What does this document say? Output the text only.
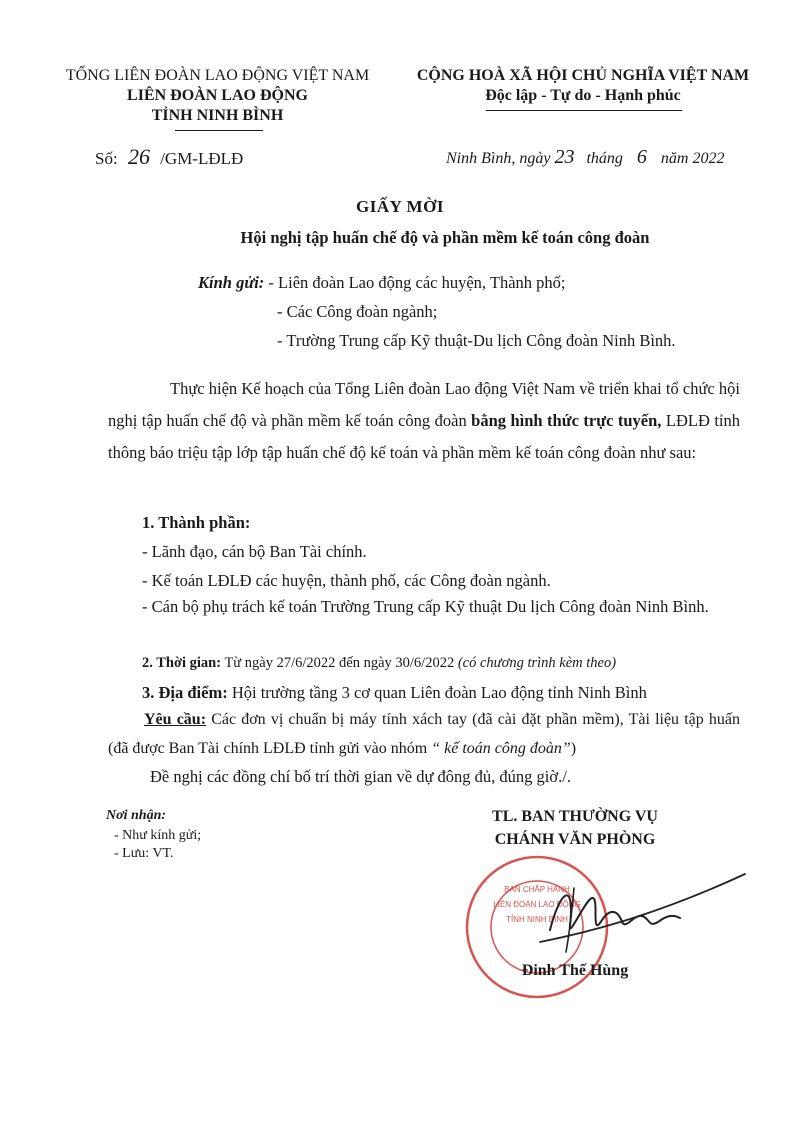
TỔNG LIÊN ĐOÀN LAO ĐỘNG VIỆT NAM
LIÊN ĐOÀN LAO ĐỘNG
TỈNH NINH BÌNH
CỘNG HOÀ XÃ HỘI CHỦ NGHĨA VIỆT NAM
Độc lập - Tự do - Hạnh phúc
Số: 26 /GM-LĐLĐ	Ninh Bình, ngày 23 tháng 6 năm 2022
GIẤY MỜI
Hội nghị tập huấn chế độ và phần mềm kế toán công đoàn
Kính gửi: - Liên đoàn Lao động các huyện, Thành phố;
- Các Công đoàn ngành;
- Trường Trung cấp Kỹ thuật-Du lịch Công đoàn Ninh Bình.
Thực hiện Kế hoạch của Tổng Liên đoàn Lao động Việt Nam về triển khai tổ chức hội nghị tập huấn chế độ và phần mềm kế toán công đoàn bằng hình thức trực tuyến, LĐLĐ tỉnh thông báo triệu tập lớp tập huấn chế độ kế toán và phần mềm kế toán công đoàn như sau:
1. Thành phần:
- Lãnh đạo, cán bộ Ban Tài chính.
- Kế toán LĐLĐ các huyện, thành phố, các Công đoàn ngành.
- Cán bộ phụ trách kế toán Trường Trung cấp Kỹ thuật Du lịch Công đoàn Ninh Bình.
2. Thời gian: Từ ngày 27/6/2022 đến ngày 30/6/2022 (có chương trình kèm theo)
3. Địa điểm: Hội trường tầng 3 cơ quan Liên đoàn Lao động tỉnh Ninh Bình
Yêu cầu: Các đơn vị chuẩn bị máy tính xách tay (đã cài đặt phần mềm), Tài liệu tập huấn (đã được Ban Tài chính LĐLĐ tỉnh gửi vào nhóm “ kế toán công đoàn”)
Đề nghị các đồng chí bố trí thời gian về dự đông đủ, đúng giờ./.
Nơi nhận:
- Như kính gửi;
- Lưu: VT.
TL. BAN THƯỜNG VỤ
CHÁNH VĂN PHÒNG
BAN CHẤP HÀNH
LIÊN ĐOÀN LAO ĐỘNG
TỈNH NINH BÌNH
Đinh Thế Hùng
